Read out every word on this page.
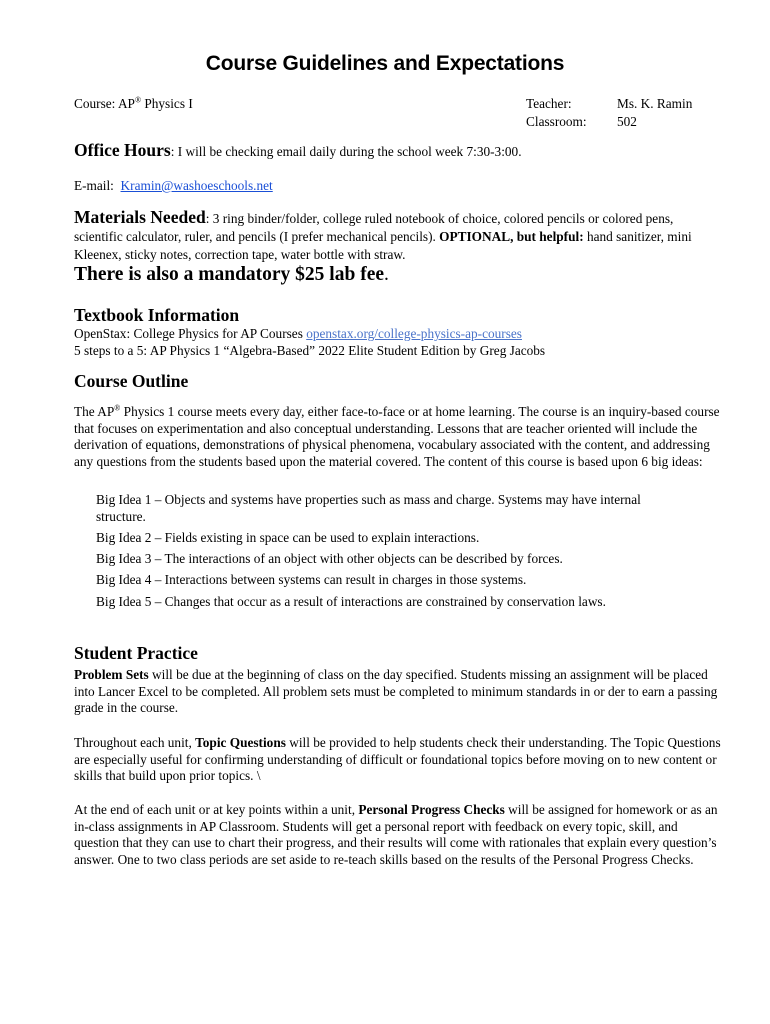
Course Guidelines and Expectations
Course: AP® Physics I	Teacher:	Ms. K. Ramin
Classroom: 502
Office Hours: I will be checking email daily during the school week 7:30-3:00.
E-mail: Kramin@washoeschools.net
Materials Needed: 3 ring binder/folder, college ruled notebook of choice, colored pencils or colored pens, scientific calculator, ruler, and pencils (I prefer mechanical pencils). OPTIONAL, but helpful: hand sanitizer, mini Kleenex, sticky notes, correction tape, water bottle with straw.
There is also a mandatory $25 lab fee.
Textbook Information
OpenStax: College Physics for AP Courses openstax.org/college-physics-ap-courses
5 steps to a 5: AP Physics 1 “Algebra-Based” 2022 Elite Student Edition by Greg Jacobs
Course Outline
The AP® Physics 1 course meets every day, either face-to-face or at home learning. The course is an inquiry-based course that focuses on experimentation and also conceptual understanding. Lessons that are teacher oriented will include the derivation of equations, demonstrations of physical phenomena, vocabulary associated with the content, and addressing any questions from the students based upon the material covered. The content of this course is based upon 6 big ideas:
Big Idea 1 – Objects and systems have properties such as mass and charge. Systems may have internal structure.
Big Idea 2 – Fields existing in space can be used to explain interactions.
Big Idea 3 – The interactions of an object with other objects can be described by forces.
Big Idea 4 – Interactions between systems can result in charges in those systems.
Big Idea 5 – Changes that occur as a result of interactions are constrained by conservation laws.
Student Practice
Problem Sets will be due at the beginning of class on the day specified. Students missing an assignment will be placed into Lancer Excel to be completed. All problem sets must be completed to minimum standards in or der to earn a passing grade in the course.
Throughout each unit, Topic Questions will be provided to help students check their understanding. The Topic Questions are especially useful for confirming understanding of difficult or foundational topics before moving on to new content or skills that build upon prior topics. \
At the end of each unit or at key points within a unit, Personal Progress Checks will be assigned for homework or as an in-class assignments in AP Classroom. Students will get a personal report with feedback on every topic, skill, and question that they can use to chart their progress, and their results will come with rationales that explain every question’s answer. One to two class periods are set aside to re-teach skills based on the results of the Personal Progress Checks.
